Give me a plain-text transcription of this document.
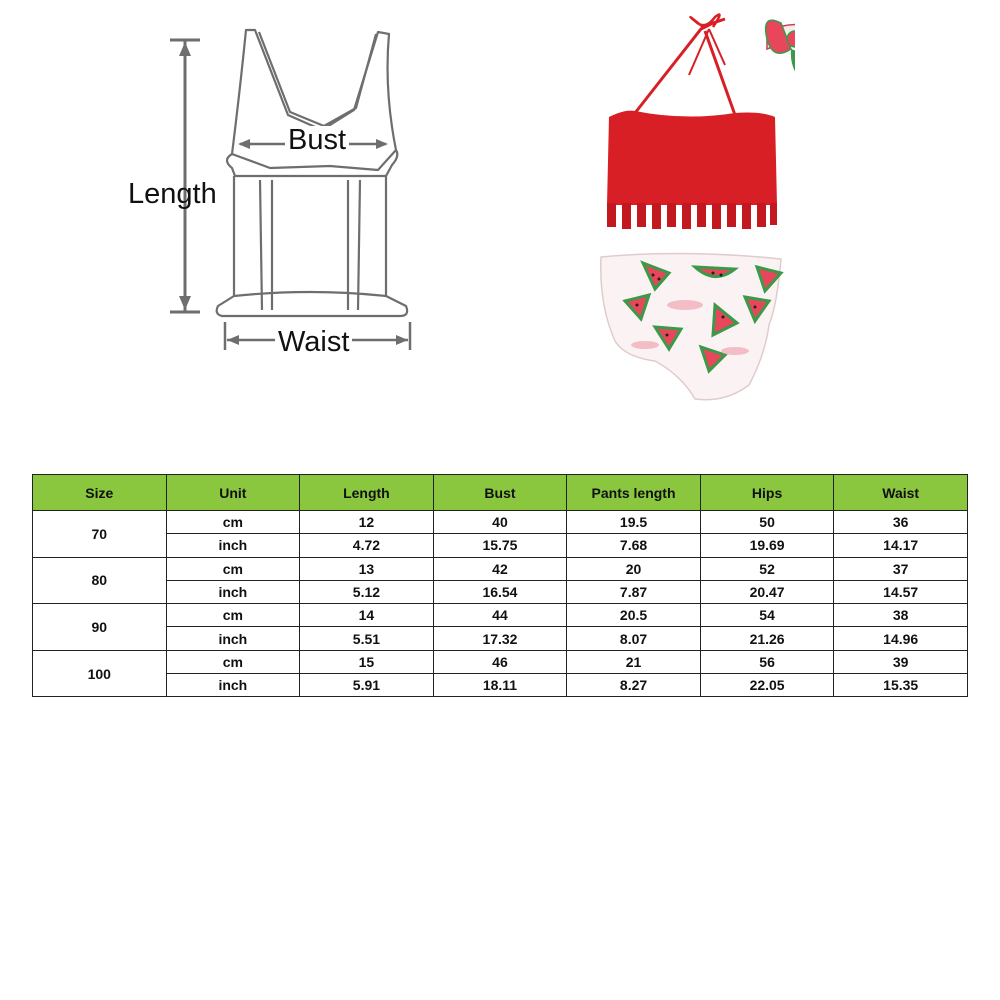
Length
Bust
Waist
Size	Unit	Length	Bust	Pants length	Hips	Waist
70	cm	12	40	19.5	50	36
	inch	4.72	15.75	7.68	19.69	14.17
80	cm	13	42	20	52	37
	inch	5.12	16.54	7.87	20.47	14.57
90	cm	14	44	20.5	54	38
	inch	5.51	17.32	8.07	21.26	14.96
100	cm	15	46	21	56	39
	inch	5.91	18.11	8.27	22.05	15.35
